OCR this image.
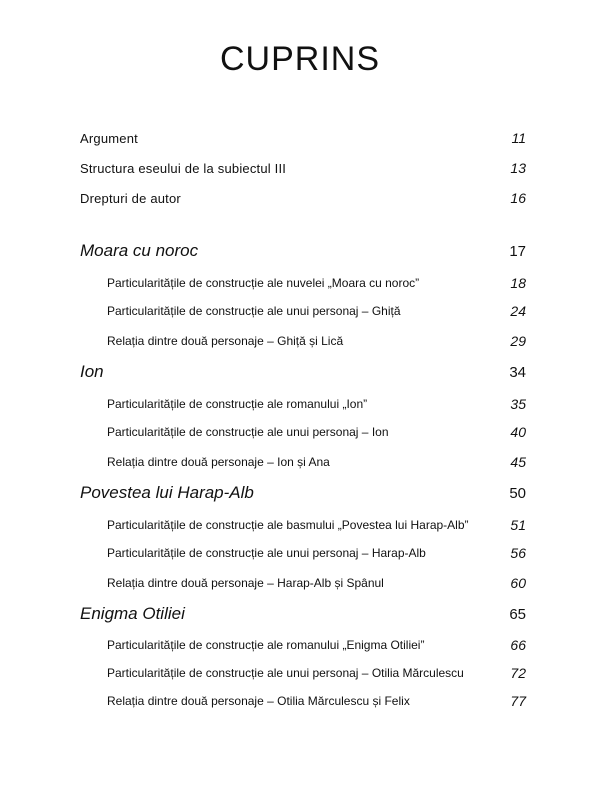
CUPRINS
Argument	11
Structura eseului de la subiectul III	13
Drepturi de autor	16
Moara cu noroc	17
Particularitățile de construcție ale nuvelei „Moara cu noroc”	18
Particularitățile de construcție ale unui personaj – Ghiță	24
Relația dintre două personaje – Ghiță și Lică	29
Ion	34
Particularitățile de construcție ale romanului „Ion”	35
Particularitățile de construcție ale unui personaj – Ion	40
Relația dintre două personaje – Ion și Ana	45
Povestea lui Harap-Alb	50
Particularitățile de construcție ale basmului „Povestea lui Harap-Alb”	51
Particularitățile de construcție ale unui personaj – Harap-Alb	56
Relația dintre două personaje – Harap-Alb și Spânul	60
Enigma Otiliei	65
Particularitățile de construcție ale romanului „Enigma Otiliei”	66
Particularitățile de construcție ale unui personaj – Otilia Mărculescu	72
Relația dintre două personaje – Otilia Mărculescu și Felix	77
